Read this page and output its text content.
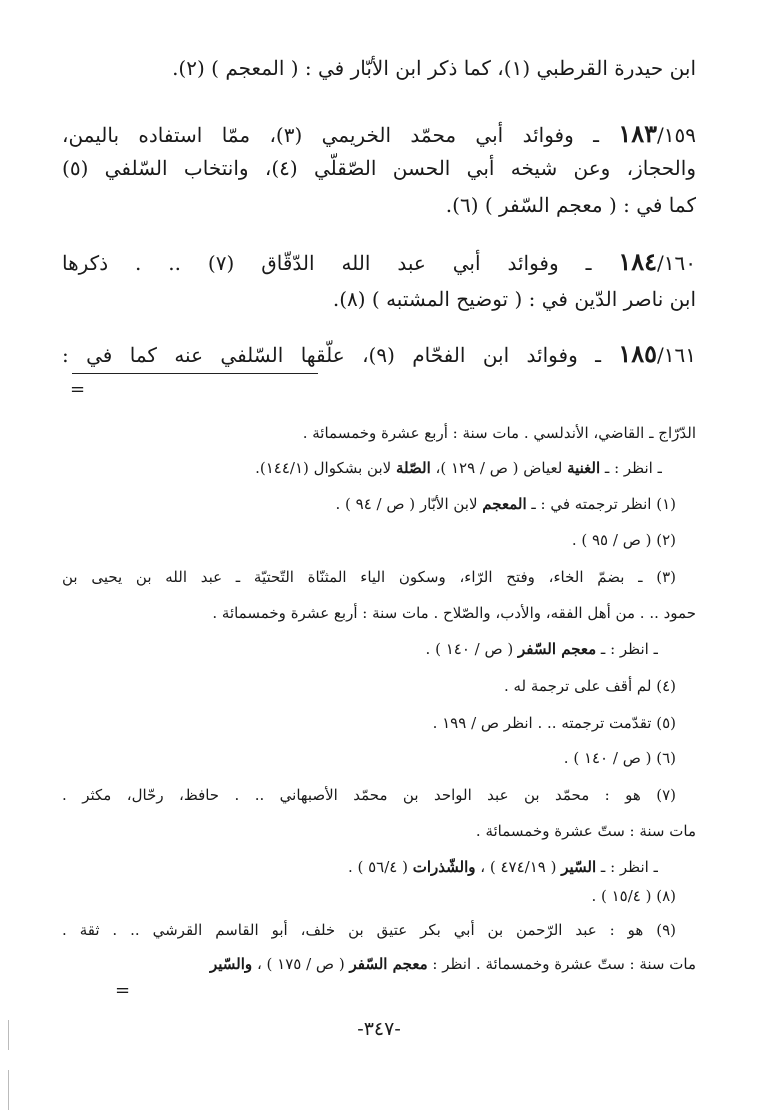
ابن حيدرة القرطبي (١)، كما ذكر ابن الأبّار في : ( المعجم ) (٢).
١٨٣/١٥٩ ـ وفوائد أبي محمّد الخريمي (٣)، ممّا استفاده باليمن،
والحجاز، وعن شيخه أبي الحسن الصّقلّي (٤)، وانتخاب السّلفي (٥)
كما في : ( معجم السّفر ) (٦).
١٨٤/١٦٠ ـ وفوائد أبي عبد الله الدّقّاق (٧) .. . ذكرها
ابن ناصر الدّين في : ( توضيح المشتبه ) (٨).
١٨٥/١٦١ ـ وفوائد ابن الفحّام (٩)، علّقها السّلفي عنه كما في :
=
الدّرّاج ـ القاضي، الأندلسي . مات سنة : أربع عشرة وخمسمائة .
ـ انظر : ـ الغنية لعياض ( ص / ١٢٩ )، الصّلة لابن بشكوال (١٤٤/١).
(١) انظر ترجمته في : ـ المعجم لابن الأبّار ( ص / ٩٤ ) .
(٢) ( ص / ٩٥ ) .
(٣) ـ بضمّ الخاء، وفتح الرّاء، وسكون الياء المثنّاة التّحتيّة ـ عبد الله بن يحيى بن
حمود .. . من أهل الفقه، والأدب، والصّلاح . مات سنة : أربع عشرة وخمسمائة .
ـ انظر : ـ معجم السّفر ( ص / ١٤٠ ) .
(٤) لم أقف على ترجمة له .
(٥) تقدّمت ترجمته .. . انظر ص / ١٩٩ .
(٦) ( ص / ١٤٠ ) .
(٧) هو : محمّد بن عبد الواحد بن محمّد الأصبهاني .. . حافظ، رحّال، مكثر .
مات سنة : ستّ عشرة وخمسمائة .
ـ انظر : ـ السّير ( ٤٧٤/١٩ ) ، والشّذرات ( ٥٦/٤ ) .
(٨) ( ١٥/٤ ) .
(٩) هو : عبد الرّحمن بن أبي بكر عتيق بن خلف، أبو القاسم القرشي .. . ثقة .
مات سنة : ستّ عشرة وخمسمائة . انظر : معجم السّفر ( ص / ١٧٥ ) ، والسّير
=
-٣٤٧-
